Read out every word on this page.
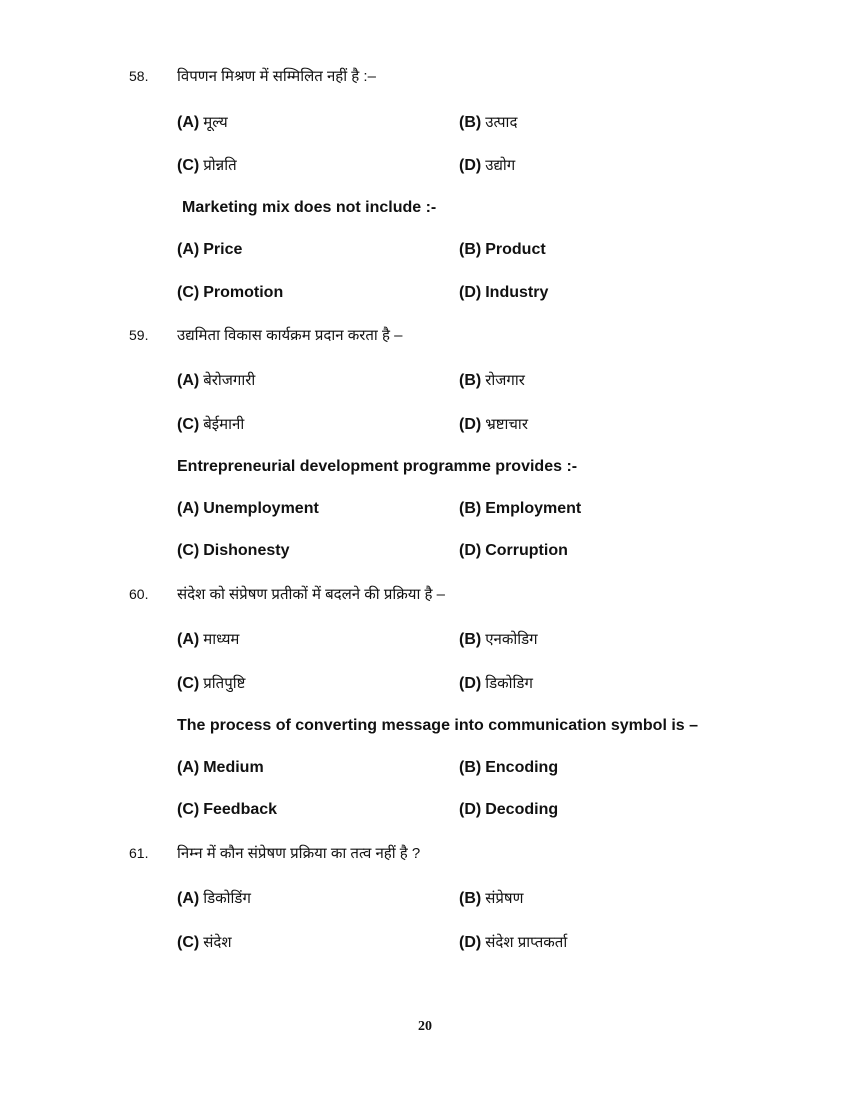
58. विपणन मिश्रण में सम्मिलित नहीं है :–
(A) मूल्य	(B) उत्पाद
(C) प्रोन्नति	(D) उद्योग
Marketing mix does not include :-
(A) Price	(B) Product
(C) Promotion	(D) Industry
59. उद्यमिता विकास कार्यक्रम प्रदान करता है –
(A) बेरोजगारी	(B) रोजगार
(C) बेईमानी	(D) भ्रष्टाचार
Entrepreneurial development programme provides :-
(A) Unemployment	(B) Employment
(C) Dishonesty	(D) Corruption
60. संदेश को संप्रेषण प्रतीकों में बदलने की प्रक्रिया है –
(A) माध्यम	(B) एनकोडिग
(C) प्रतिपुष्टि	(D) डिकोडिग
The process of converting message into communication symbol is –
(A) Medium	(B) Encoding
(C) Feedback	(D) Decoding
61. निम्न में कौन संप्रेषण प्रक्रिया का तत्व नहीं है ?
(A) डिकोडिंग	(B) संप्रेषण
(C) संदेश	(D) संदेश प्राप्तकर्ता
20
